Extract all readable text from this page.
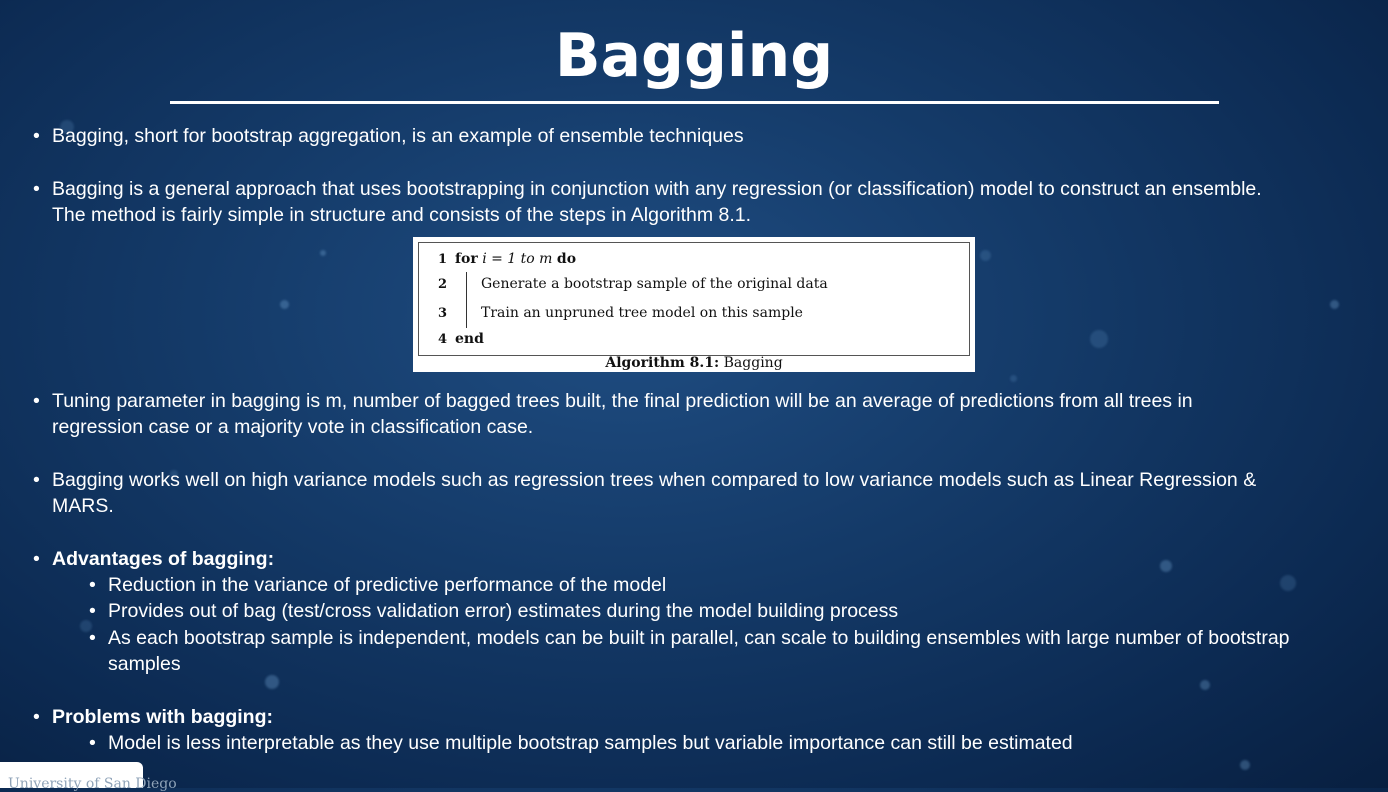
Bagging
• Bagging, short for bootstrap aggregation, is an example of ensemble techniques
• Bagging is a general approach that uses bootstrapping in conjunction with any regression (or classification) model to construct an ensemble.
The method is fairly simple in structure and consists of the steps in Algorithm 8.1.
1 for i = 1 to m do
2 Generate a bootstrap sample of the original data
3 Train an unpruned tree model on this sample
4 end
Algorithm 8.1: Bagging
• Tuning parameter in bagging is m, number of bagged trees built, the final prediction will be an average of predictions from all trees in
regression case or a majority vote in classification case.
• Bagging works well on high variance models such as regression trees when compared to low variance models such as Linear Regression &
MARS.
• Advantages of bagging:
• Reduction in the variance of predictive performance of the model
• Provides out of bag (test/cross validation error) estimates during the model building process
• As each bootstrap sample is independent, models can be built in parallel, can scale to building ensembles with large number of bootstrap
samples
• Problems with bagging:
• Model is less interpretable as they use multiple bootstrap samples but variable importance can still be estimated
University of San Diego
